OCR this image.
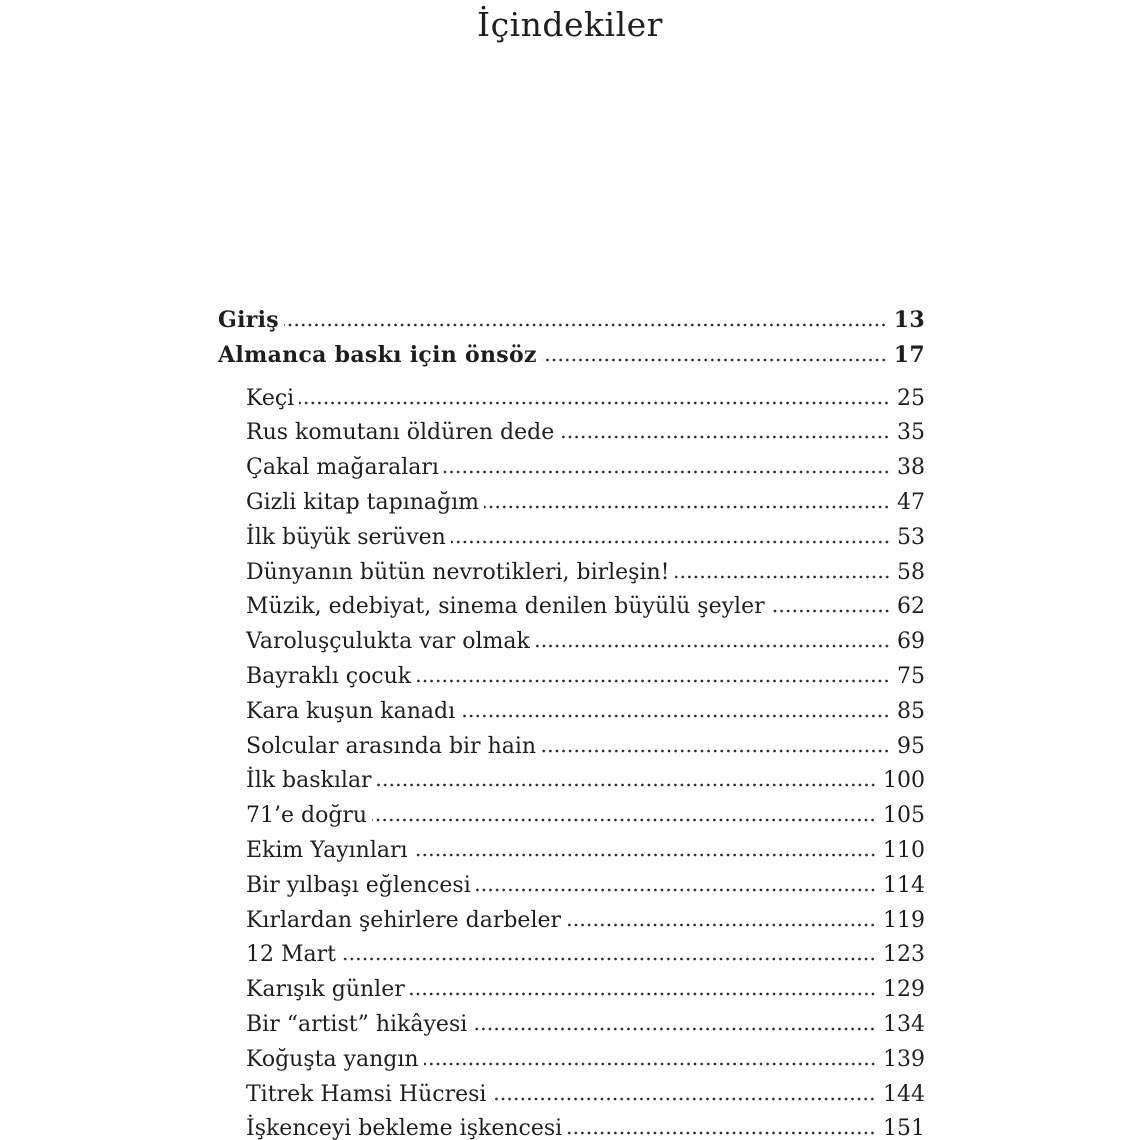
İçindekiler
Giriş	13
Almanca baskı için önsöz	17
Keçi	25
Rus komutanı öldüren dede	35
Çakal mağaraları	38
Gizli kitap tapınağım	47
İlk büyük serüven	53
Dünyanın bütün nevrotikleri, birleşin!	58
Müzik, edebiyat, sinema denilen büyülü şeyler	62
Varoluşçulukta var olmak	69
Bayraklı çocuk	75
Kara kuşun kanadı	85
Solcular arasında bir hain	95
İlk baskılar	100
71’e doğru	105
Ekim Yayınları	110
Bir yılbaşı eğlencesi	114
Kırlardan şehirlere darbeler	119
12 Mart	123
Karışık günler	129
Bir “artist” hikâyesi	134
Koğuşta yangın	139
Titrek Hamsi Hücresi	144
İşkenceyi bekleme işkencesi	151
